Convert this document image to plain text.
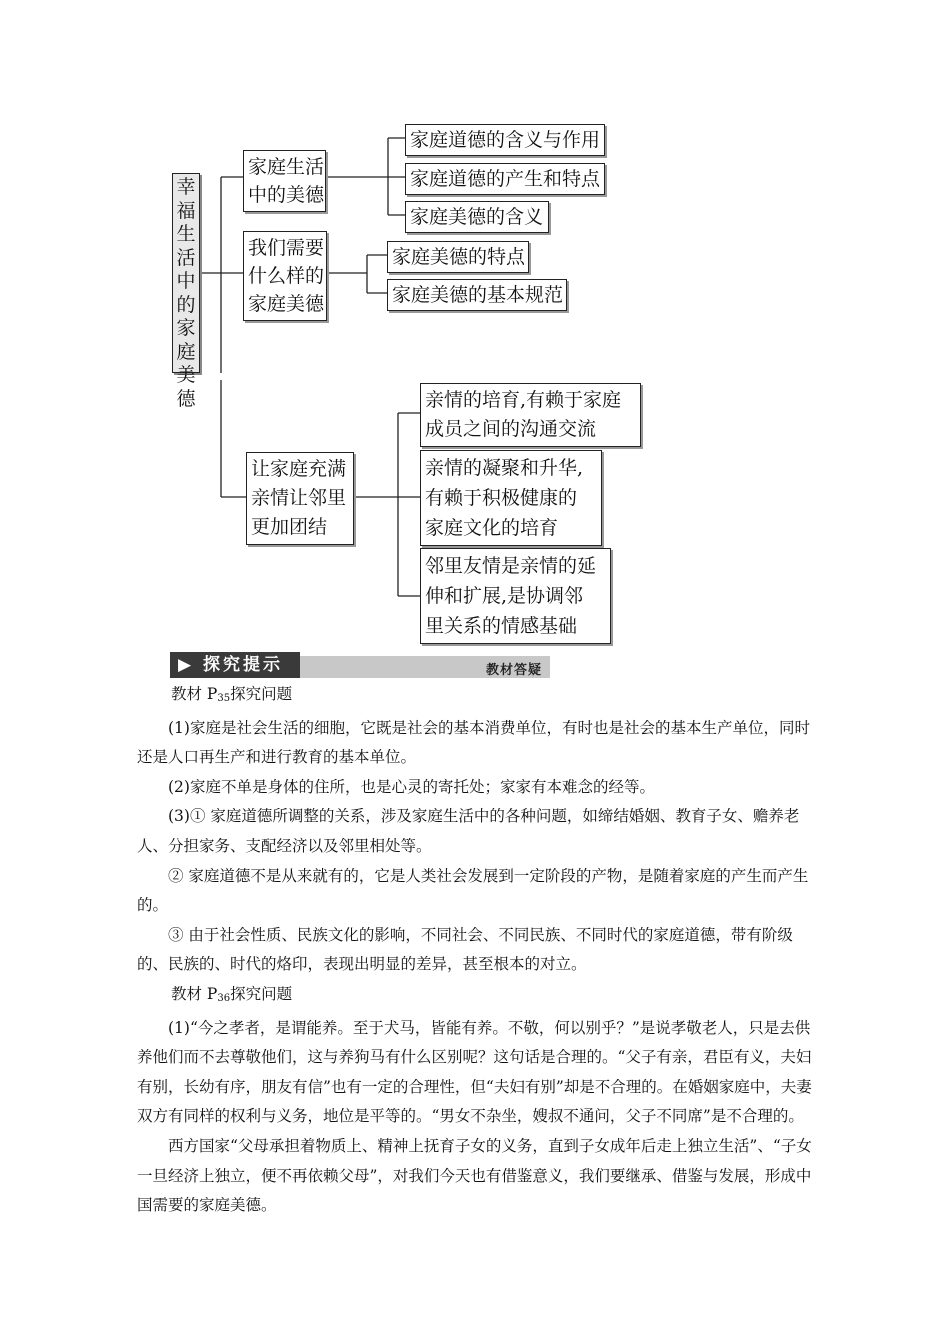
幸
福
生
活
中
的
家
庭
美
德
家庭生活
中的美德
家庭道德的含义与作用
家庭道德的产生和特点
家庭美德的含义
我们需要
什么样的
家庭美德
家庭美德的特点
家庭美德的基本规范
让家庭充满
亲情让邻里
更加团结
亲情的培育,有赖于家庭
成员之间的沟通交流
亲情的凝聚和升华,
有赖于积极健康的
家庭文化的培育
邻里友情是亲情的延
伸和扩展,是协调邻
里关系的情感基础
教材答疑
▶ 探究提示

教材 $P_{35}$探究问题

(1)家庭是社会生活的细胞，它既是社会的基本消费单位，有时也是社会的基本生产单位，同时还是人口再生产和进行教育的基本单位。

(2)家庭不单是身体的住所，也是心灵的寄托处；家家有本难念的经等。

(3)① 家庭道德所调整的关系，涉及家庭生活中的各种问题，如缔结婚姻、教育子女、赡养老人、分担家务、支配经济以及邻里相处等。

② 家庭道德不是从来就有的，它是人类社会发展到一定阶段的产物，是随着家庭的产生而产生的。

③ 由于社会性质、民族文化的影响，不同社会、不同民族、不同时代的家庭道德，带有阶级的、民族的、时代的烙印，表现出明显的差异，甚至根本的对立。

教材 $P_{36}$探究问题

(1)“今之孝者，是谓能养。至于犬马，皆能有养。不敬，何以别乎？”是说孝敬老人，只是去供养他们而不去尊敬他们，这与养狗马有什么区别呢？这句话是合理的。“父子有亲，君臣有义，夫妇有别，长幼有序，朋友有信”也有一定的合理性，但“夫妇有别”却是不合理的。在婚姻家庭中，夫妻双方有同样的权利与义务，地位是平等的。“男女不杂坐，嫂叔不通问，父子不同席”是不合理的。

西方国家“父母承担着物质上、精神上抚育子女的义务，直到子女成年后走上独立生活”、“子女一旦经济上独立，便不再依赖父母”，对我们今天也有借鉴意义，我们要继承、借鉴与发展，形成中国需要的家庭美德。
